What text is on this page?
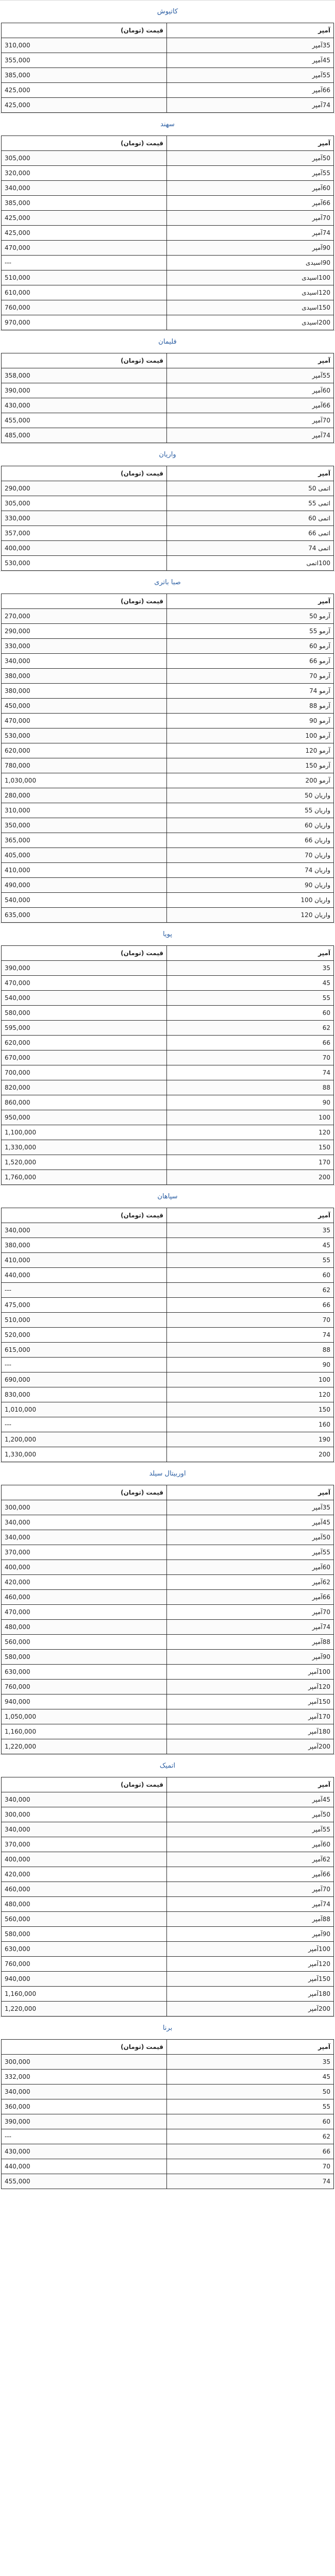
کاتیوش
قیمت (تومان)	آمپر
310,000	35آمپر
355,000	45آمپر
385,000	55آمپر
425,000	66آمپر
425,000	74آمپر
سهند
قیمت (تومان)	آمپر
305,000	50آمپر
320,000	55آمپر
340,000	60آمپر
385,000	66آمپر
425,000	70آمپر
425,000	74آمپر
470,000	90آمپر
---	90اسیدی
510,000	100اسیدی
610,000	120اسیدی
760,000	150اسیدی
970,000	200اسیدی
فلیمان
قیمت (تومان)	آمپر
358,000	55آمپر
390,000	60آمپر
430,000	66آمپر
455,000	70آمپر
485,000	74آمپر
واریان
قیمت (تومان)	آمپر
290,000	اتمی 50
305,000	اتمی 55
330,000	اتمی 60
357,000	اتمی 66
400,000	اتمی 74
530,000	100اتمی
صبا باتری
قیمت (تومان)	آمپر
270,000	آرمو 50
290,000	آرمو 55
330,000	آرمو 60
340,000	آرمو 66
380,000	آرمو 70
380,000	آرمو 74
450,000	آرمو 88
470,000	آرمو 90
530,000	آرمو 100
620,000	آرمو 120
780,000	آرمو 150
1,030,000	آرمو 200
280,000	واریان 50
310,000	واریان 55
350,000	واریان 60
365,000	واریان 66
405,000	واریان 70
410,000	واریان 74
490,000	واریان 90
540,000	واریان 100
635,000	واریان 120
پویا
قیمت (تومان)	آمپر
390,000	35
470,000	45
540,000	55
580,000	60
595,000	62
620,000	66
670,000	70
700,000	74
820,000	88
860,000	90
950,000	100
1,100,000	120
1,330,000	150
1,520,000	170
1,760,000	200
سپاهان
قیمت (تومان)	آمپر
340,000	35
380,000	45
410,000	55
440,000	60
---	62
475,000	66
510,000	70
520,000	74
615,000	88
---	90
690,000	100
830,000	120
1,010,000	150
---	160
1,200,000	190
1,330,000	200
اوربیتال سیلد
قیمت (تومان)	آمپر
300,000	35آمپر
340,000	45آمپر
340,000	50آمپر
370,000	55آمپر
400,000	60آمپر
420,000	62آمپر
460,000	66آمپر
470,000	70آمپر
480,000	74آمپر
560,000	88آمپر
580,000	90آمپر
630,000	100آمپر
760,000	120آمپر
940,000	150آمپر
1,050,000	170آمپر
1,160,000	180آمپر
1,220,000	200آمپر
اتمیک
قیمت (تومان)	آمپر
340,000	45آمپر
300,000	50آمپر
340,000	55آمپر
370,000	60آمپر
400,000	62آمپر
420,000	66آمپر
460,000	70آمپر
480,000	74آمپر
560,000	88آمپر
580,000	90آمپر
630,000	100آمپر
760,000	120آمپر
940,000	150آمپر
1,160,000	180آمپر
1,220,000	200آمپر
برنا
قیمت (تومان)	آمپر
300,000	35
332,000	45
340,000	50
360,000	55
390,000	60
---	62
430,000	66
440,000	70
455,000	74
